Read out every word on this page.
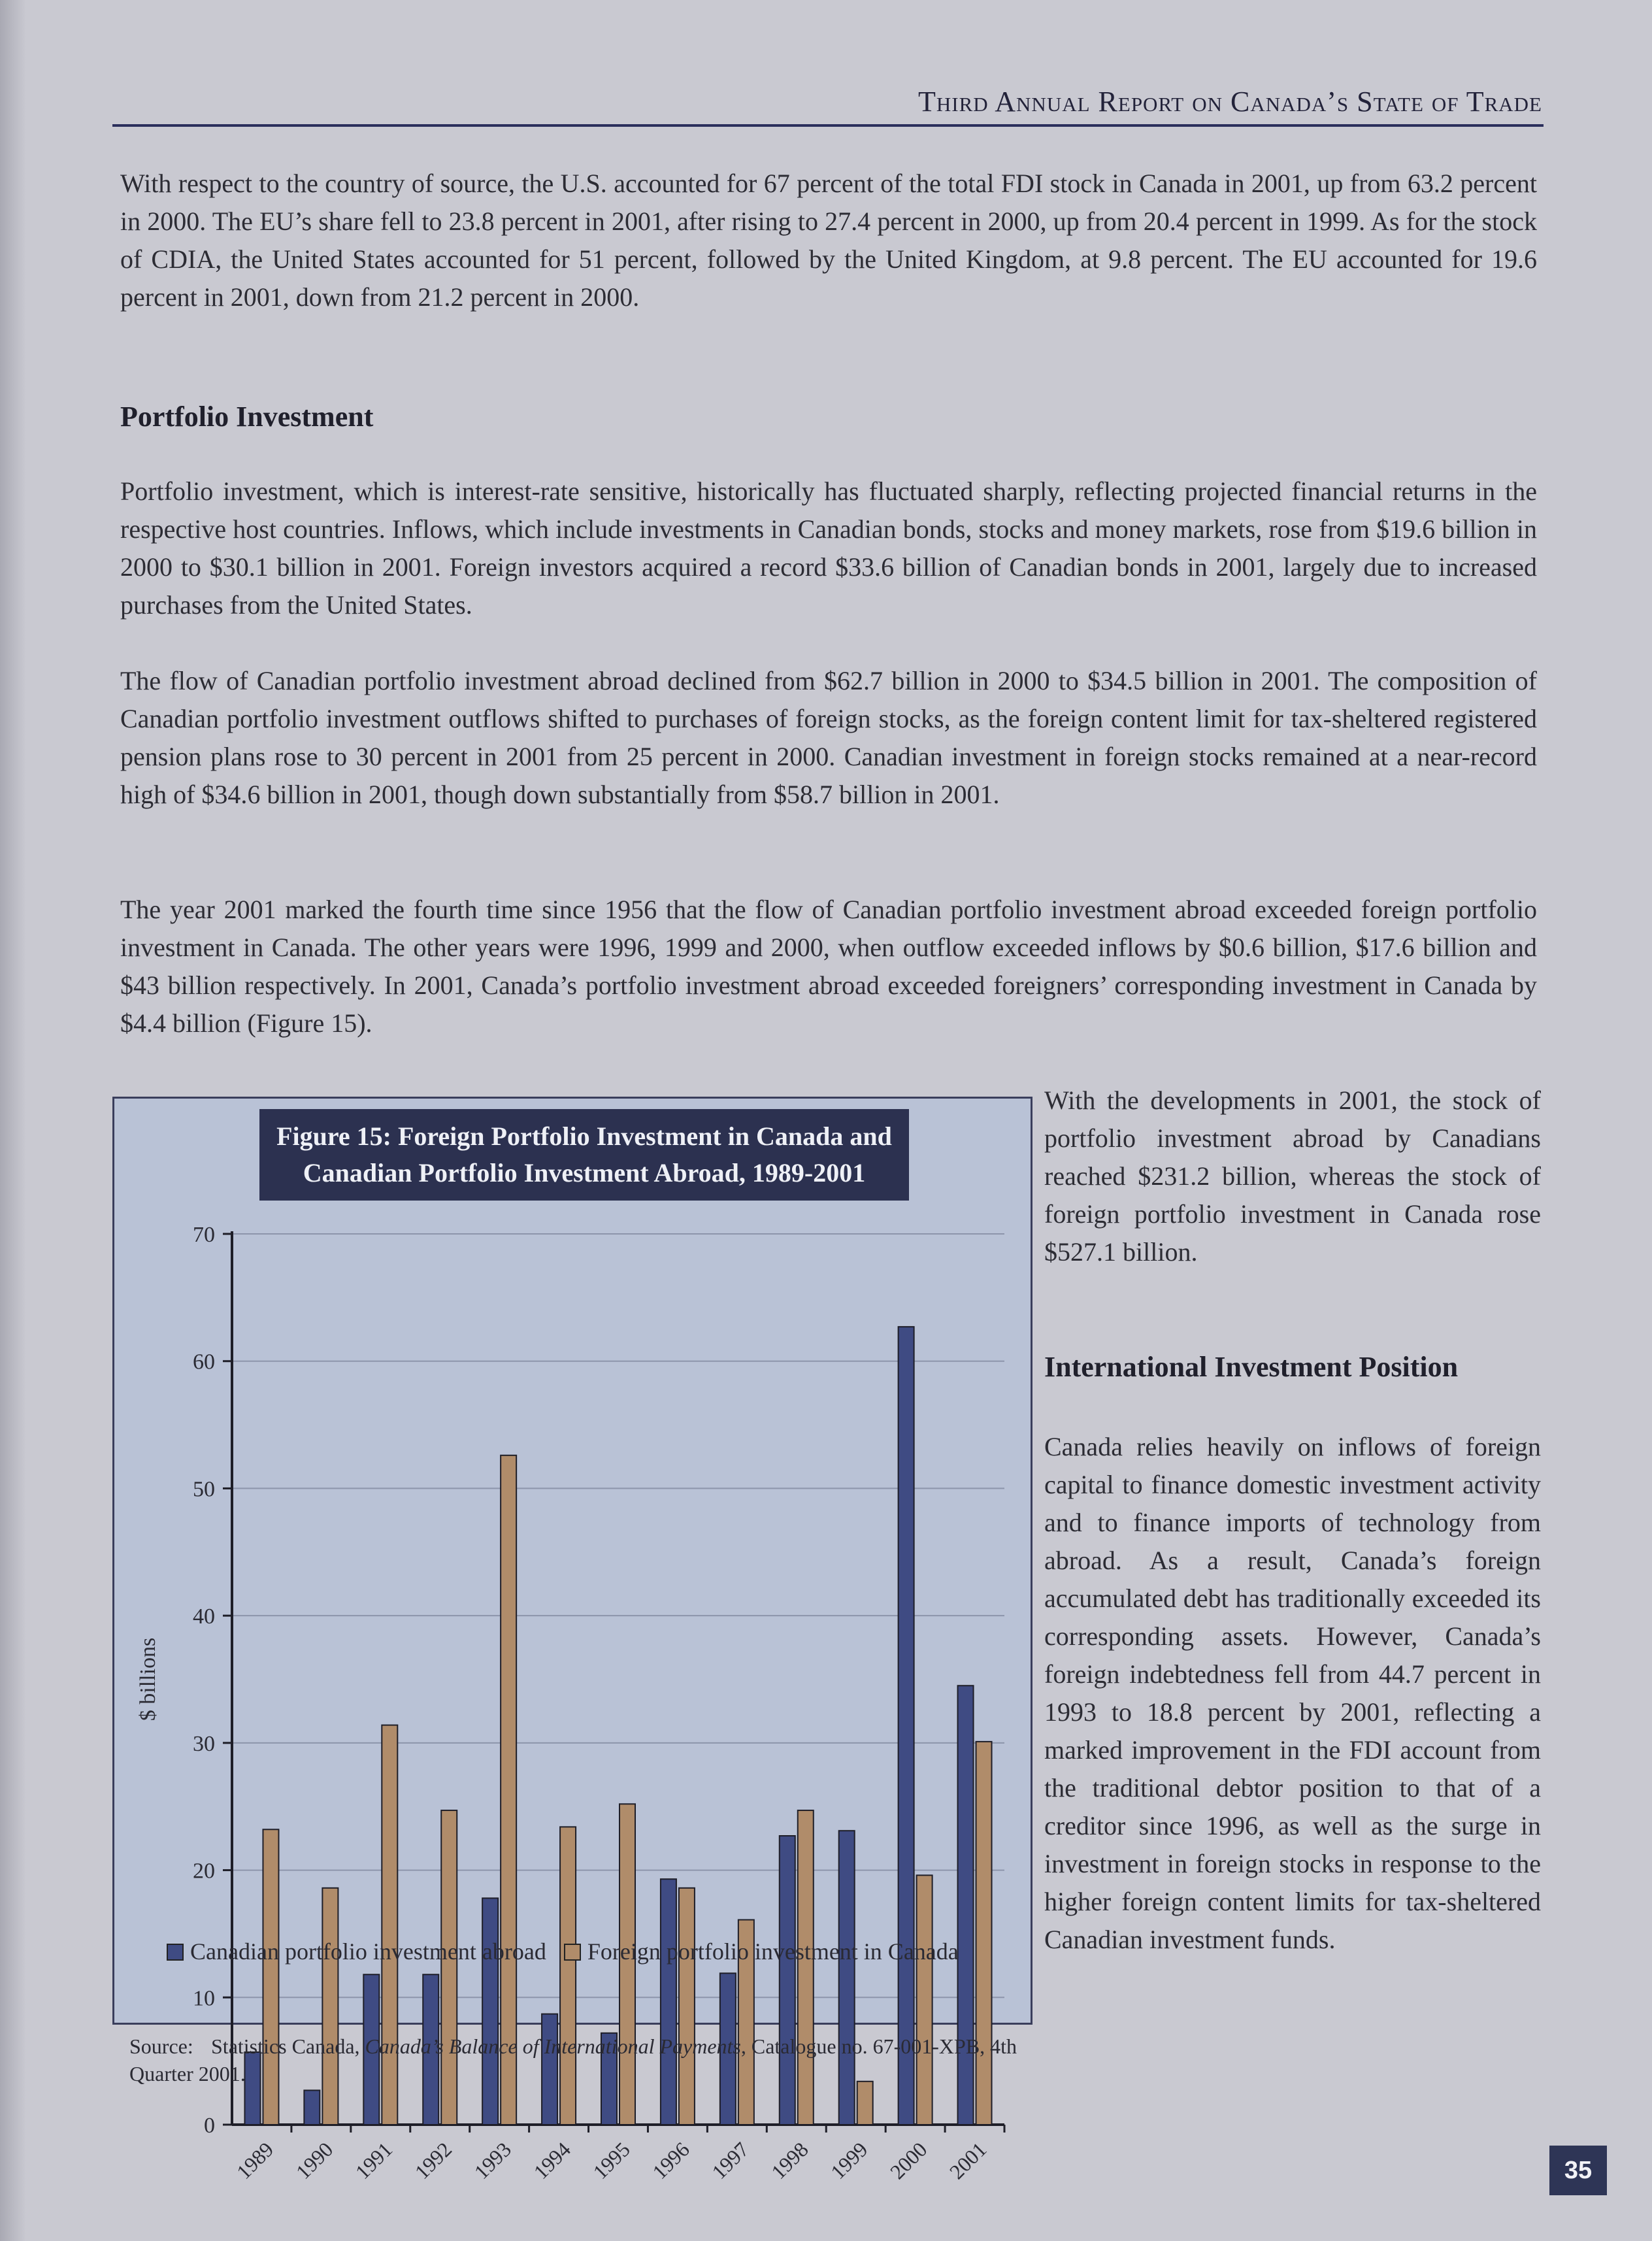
Third Annual Report on Canada’s State of Trade

With respect to the country of source, the U.S. accounted for 67 percent of the total FDI stock in Canada in 2001, up from 63.2 percent in 2000. The EU’s share fell to 23.8 percent in 2001, after rising to 27.4 percent in 2000, up from 20.4 percent in 1999. As for the stock of CDIA, the United States accounted for 51 percent, followed by the United Kingdom, at 9.8 percent. The EU accounted for 19.6 percent in 2001, down from 21.2 percent in 2000.

Portfolio Investment

Portfolio investment, which is interest-rate sensitive, historically has fluctuated sharply, reflecting projected financial returns in the respective host countries. Inflows, which include investments in Canadian bonds, stocks and money markets, rose from $19.6 billion in 2000 to $30.1 billion in 2001. Foreign investors acquired a record $33.6 billion of Canadian bonds in 2001, largely due to increased purchases from the United States.

The flow of Canadian portfolio investment abroad declined from $62.7 billion in 2000 to $34.5 billion in 2001. The composition of Canadian portfolio investment outflows shifted to purchases of foreign stocks, as the foreign content limit for tax-sheltered registered pension plans rose to 30 percent in 2001 from 25 percent in 2000. Canadian investment in foreign stocks remained at a near-record high of $34.6 billion in 2001, though down substantially from $58.7 billion in 2001.

The year 2001 marked the fourth time since 1956 that the flow of Canadian portfolio investment abroad exceeded foreign portfolio investment in Canada. The other years were 1996, 1999 and 2000, when outflow exceeded inflows by $0.6 billion, $17.6 billion and $43 billion respectively. In 2001, Canada’s portfolio investment abroad exceeded foreigners’ corresponding investment in Canada by $4.4 billion (Figure 15).

0
10
20
30
40
50
60
70
$ billions
1989 1990 1991 1992 1993 1994 1995 1996 1997 1998 1999 2000 2001
Figure 15: Foreign Portfolio Investment in Canada and
Canadian Portfolio Investment Abroad, 1989-2001
Canadian portfolio investment abroad Foreign portfolio investment in Canada
Source: Statistics Canada, Canada’s Balance of International Payments, Catalogue no. 67-001-XPB, 4th Quarter 2001.

With the developments in 2001, the stock of portfolio investment abroad by Canadians reached $231.2 billion, whereas the stock of foreign portfolio investment in Canada rose $527.1 billion.

International Investment Position

Canada relies heavily on inflows of foreign capital to finance domestic investment activity and to finance imports of technology from abroad. As a result, Canada’s foreign accumulated debt has traditionally exceeded its corresponding assets. However, Canada’s foreign indebtedness fell from 44.7 percent in 1993 to 18.8 percent by 2001, reflecting a marked improvement in the FDI account from the traditional debtor position to that of a creditor since 1996, as well as the surge in investment in foreign stocks in response to the higher foreign content limits for tax-sheltered Canadian investment funds.

35
